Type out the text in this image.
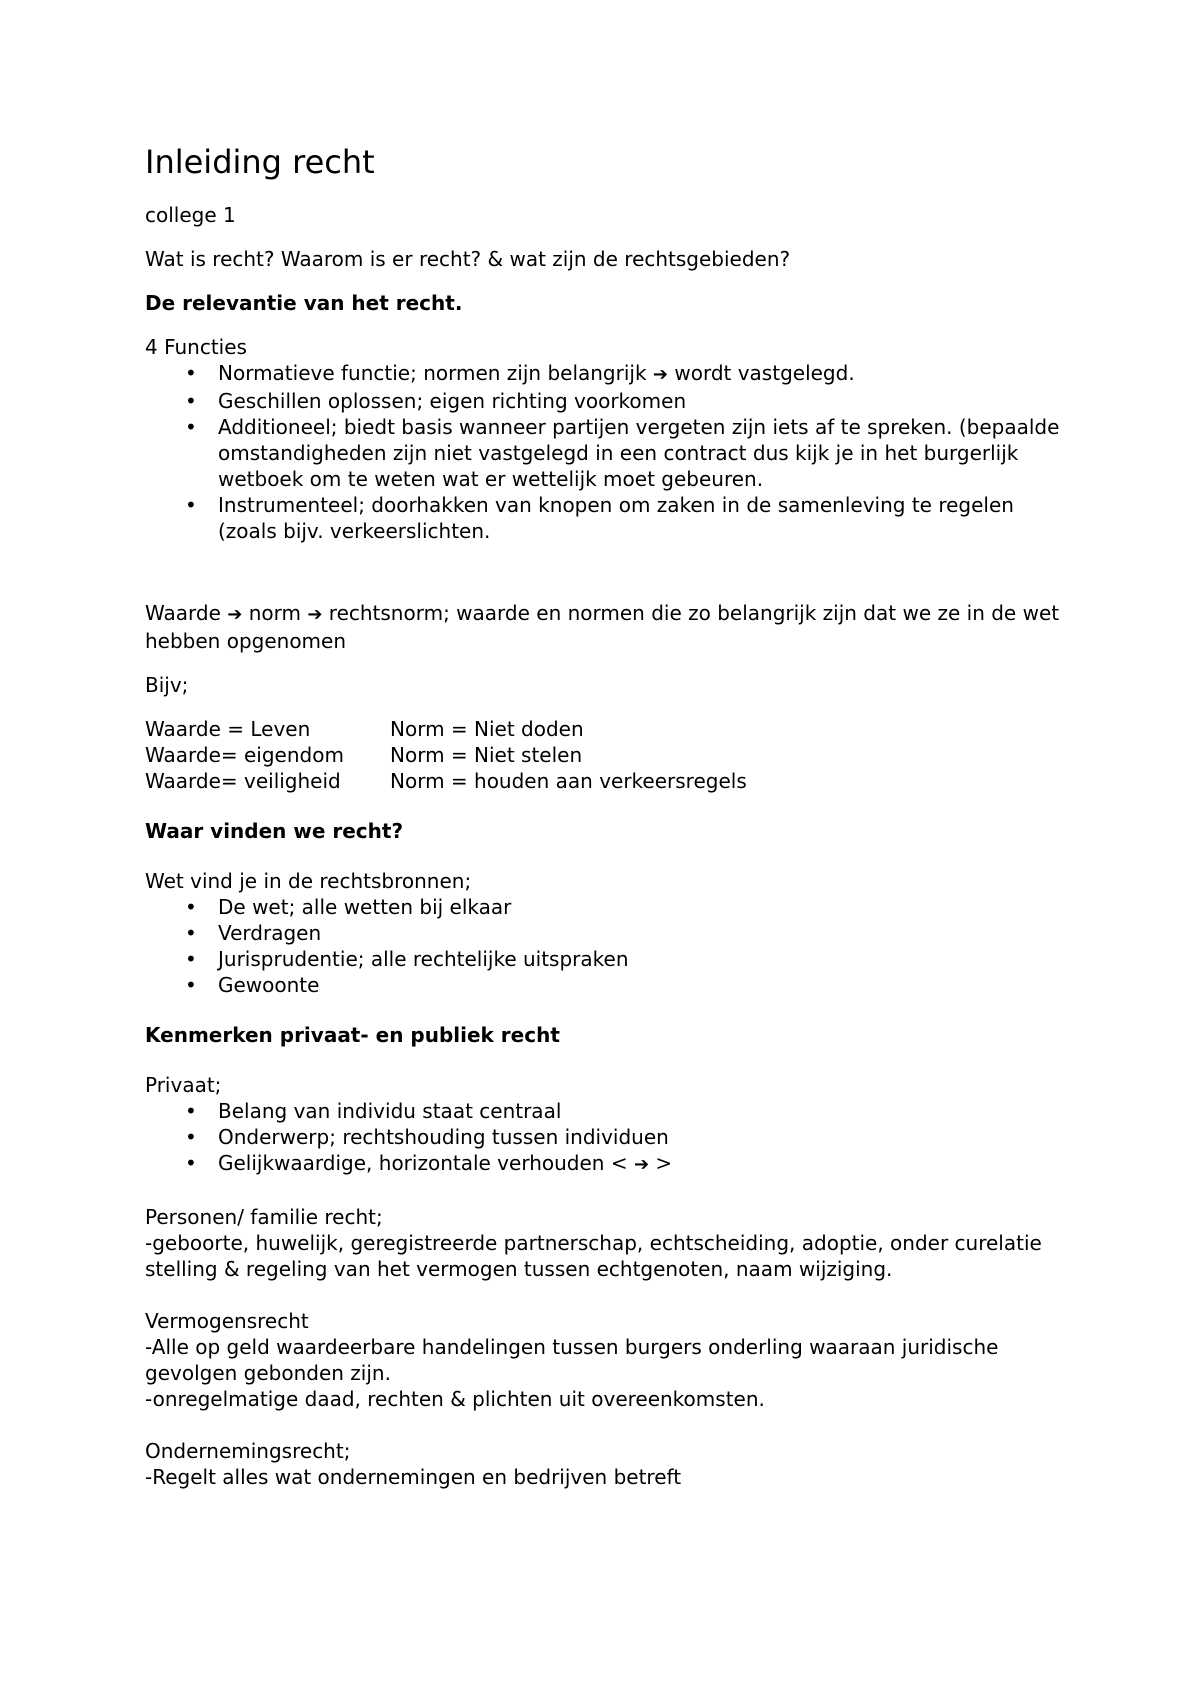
Inleiding recht

college 1

Wat is recht? Waarom is er recht? & wat zijn de rechtsgebieden?

De relevantie van het recht.

4 Functies

• Normatieve functie; normen zijn belangrijk ➔ wordt vastgelegd.
• Geschillen oplossen; eigen richting voorkomen
• Additioneel; biedt basis wanneer partijen vergeten zijn iets af te spreken. (bepaalde omstandigheden zijn niet vastgelegd in een contract dus kijk je in het burgerlijk wetboek om te weten wat er wettelijk moet gebeuren.
• Instrumenteel; doorhakken van knopen om zaken in de samenleving te regelen (zoals bijv. verkeerslichten.

Waarde ➔ norm ➔ rechtsnorm; waarde en normen die zo belangrijk zijn dat we ze in de wet hebben opgenomen

Bijv;

Waarde = Leven	Norm = Niet doden
Waarde= eigendom	Norm = Niet stelen
Waarde= veiligheid	Norm = houden aan verkeersregels

Waar vinden we recht?

Wet vind je in de rechtsbronnen;

• De wet; alle wetten bij elkaar
• Verdragen
• Jurisprudentie; alle rechtelijke uitspraken
• Gewoonte

Kenmerken privaat- en publiek recht

Privaat;

• Belang van individu staat centraal
• Onderwerp; rechtshouding tussen individuen
• Gelijkwaardige, horizontale verhouden < ➔ >

Personen/ familie recht;

-geboorte, huwelijk, geregistreerde partnerschap, echtscheiding, adoptie, onder curelatie stelling & regeling van het vermogen tussen echtgenoten, naam wijziging.

Vermogensrecht

-Alle op geld waardeerbare handelingen tussen burgers onderling waaraan juridische gevolgen gebonden zijn.

-onregelmatige daad, rechten & plichten uit overeenkomsten.

Ondernemingsrecht;

-Regelt alles wat ondernemingen en bedrijven betreft
